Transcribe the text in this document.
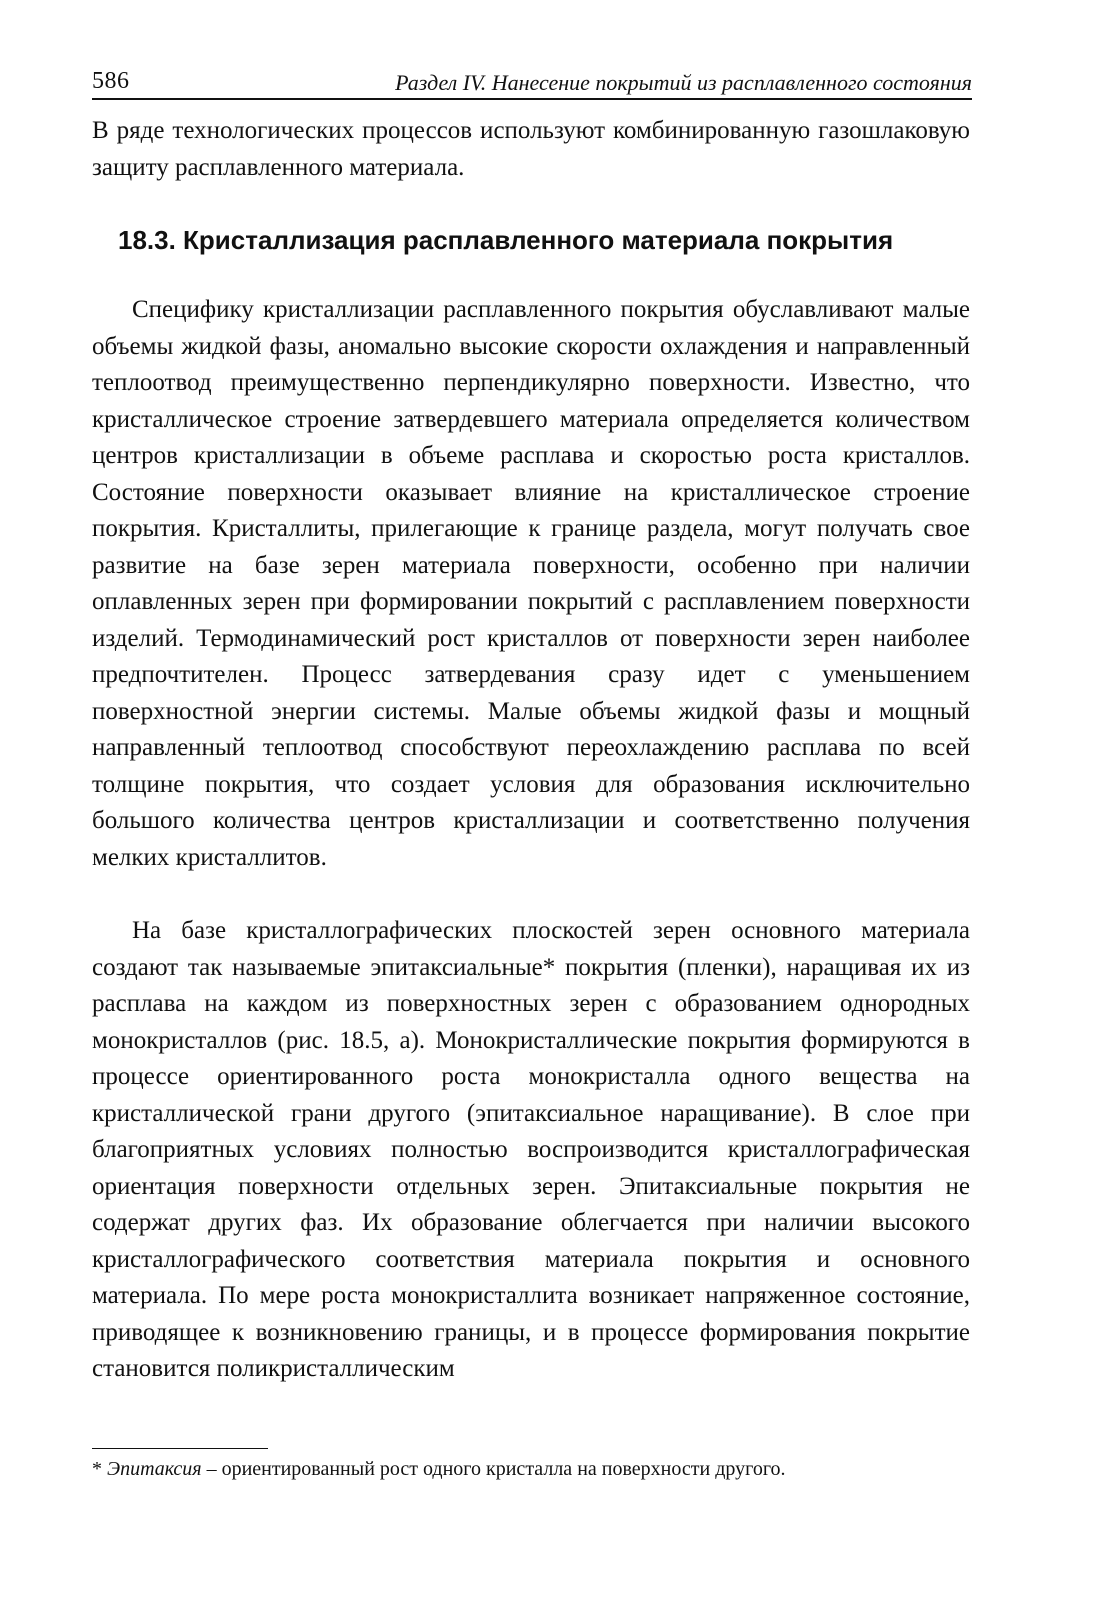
586	Раздел IV. Нанесение покрытий из расплавленного состояния

В ряде технологических процессов используют комбинированную газошлаковую защиту расплавленного материала.

18.3. Кристаллизация расплавленного материала покрытия

Специфику кристаллизации расплавленного покрытия обуславливают малые объемы жидкой фазы, аномально высокие скорости охлаждения и направленный теплоотвод преимущественно перпендикулярно поверхности. Известно, что кристаллическое строение затвердевшего материала определяется количеством центров кристаллизации в объеме расплава и скоростью роста кристаллов. Состояние поверхности оказывает влияние на кристаллическое строение покрытия. Кристаллиты, прилегающие к границе раздела, могут получать свое развитие на базе зерен материала поверхности, особенно при наличии оплавленных зерен при формировании покрытий с расплавлением поверхности изделий. Термодинамический рост кристаллов от поверхности зерен наиболее предпочтителен. Процесс затвердевания сразу идет с уменьшением поверхностной энергии системы. Малые объемы жидкой фазы и мощный направленный теплоотвод способствуют переохлаждению расплава по всей толщине покрытия, что создает условия для образования исключительно большого количества центров кристаллизации и соответственно получения мелких кристаллитов.

На базе кристаллографических плоскостей зерен основного материала создают так называемые эпитаксиальные* покрытия (пленки), наращивая их из расплава на каждом из поверхностных зерен с образованием однородных монокристаллов (рис. 18.5, а). Монокристаллические покрытия формируются в процессе ориентированного роста монокристалла одного вещества на кристаллической грани другого (эпитаксиальное наращивание). В слое при благоприятных условиях полностью воспроизводится кристаллографическая ориентация поверхности отдельных зерен. Эпитаксиальные покрытия не содержат других фаз. Их образование облегчается при наличии высокого кристаллографического соответствия материала покрытия и основного материала. По мере роста монокристаллита возникает напряженное состояние, приводящее к возникновению границы, и в процессе формирования покрытие становится поликристаллическим

* Эпитаксия – ориентированный рост одного кристалла на поверхности другого.
